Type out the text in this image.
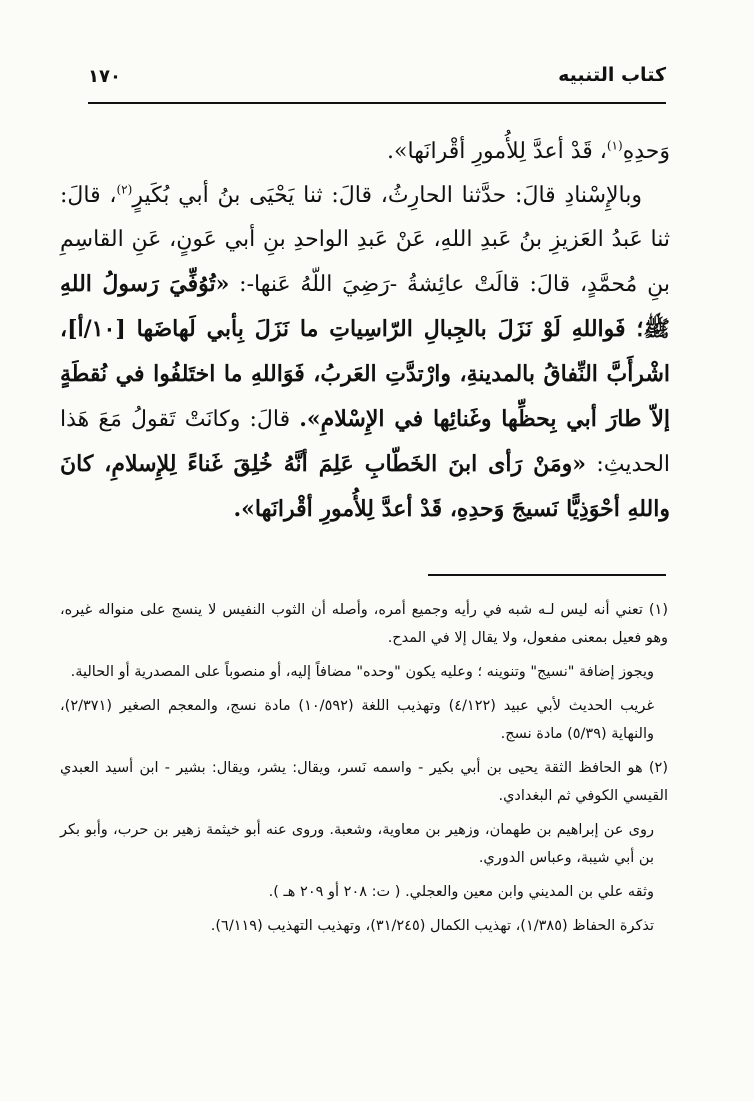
كتاب التنبيه
١٧٠

وَحدِهِ$^{(١)}$، قَدْ أعدَّ لِلأُمورِ أقْرانَها».

وبالإِسْنادِ قالَ: حدَّثنا الحارِثُ، قالَ: ثنا يَحْيَى بنُ أبي بُكَيرٍ$^{(٢)}$، قالَ: ثنا عَبدُ العَزيزِ بنُ عَبدِ اللهِ، عَنْ عَبدِ الواحدِ بنِ أبي عَونٍ، عَنِ القاسِمِ بنِ مُحمَّدٍ، قالَ: قالَتْ عائِشةُ -رَضِيَ اللّهُ عَنها-: «تُوُفِّيَ رَسولُ اللهِ ﷺ؛ فَواللهِ لَوْ نَزَلَ بالجِبالِ الرّاسِياتِ ما نَزَلَ بِأبي لَهاضَها [١٠/أ]، اشْرأَبَّ النِّفاقُ بالمدينةِ، وارْتدَّتِ العَربُ، فَوَاللهِ ما اختَلفُوا في نُقطَةٍ إلاّ طارَ أبي بِحظِّها وغَنائِها في الإِسْلامِ». قالَ: وكانَتْ تَقولُ مَعَ هَذا الحديثِ: «ومَنْ رَأى ابنَ الخَطّابِ عَلِمَ أنَّهُ خُلِقَ غَناءً لِلإِسلامِ، كانَ واللهِ أحْوَذِيًّا نَسيجَ وَحدِهِ، قَدْ أعدَّ لِلأُمورِ أقْرانَها».

(١) تعني أنه ليس لـه شبه في رأيه وجميع أمره، وأصله أن الثوب النفيس لا ينسج على منواله غيره، وهو فعيل بمعنى مفعول، ولا يقال إلا في المدح.

ويجوز إضافة "نسيج" وتنوينه ؛ وعليه يكون "وحده" مضافاً إليه، أو منصوباً على المصدرية أو الحالية.

غريب الحديث لأبي عبيد (٤/١٢٢) وتهذيب اللغة (١٠/٥٩٢) مادة نسج، والمعجم الصغير (٢/٣٧١)، والنهاية (٥/٣٩) مادة نسج.

(٢) هو الحافظ الثقة يحيى بن أبي بكير - واسمه نَسر، ويقال: يشر، ويقال: بشير - ابن أسيد العبدي القيسي الكوفي ثم البغدادي.

روى عن إبراهيم بن طهمان، وزهير بن معاوية، وشعبة. وروى عنه أبو خيثمة زهير بن حرب، وأبو بكر بن أبي شيبة، وعباس الدوري.

وثقه علي بن المديني وابن معين والعجلي. ( ت: ٢٠٨ أو ٢٠٩ هـ ).

تذكرة الحفاظ (١/٣٨٥)، تهذيب الكمال (٣١/٢٤٥)، وتهذيب التهذيب (٦/١١٩).
